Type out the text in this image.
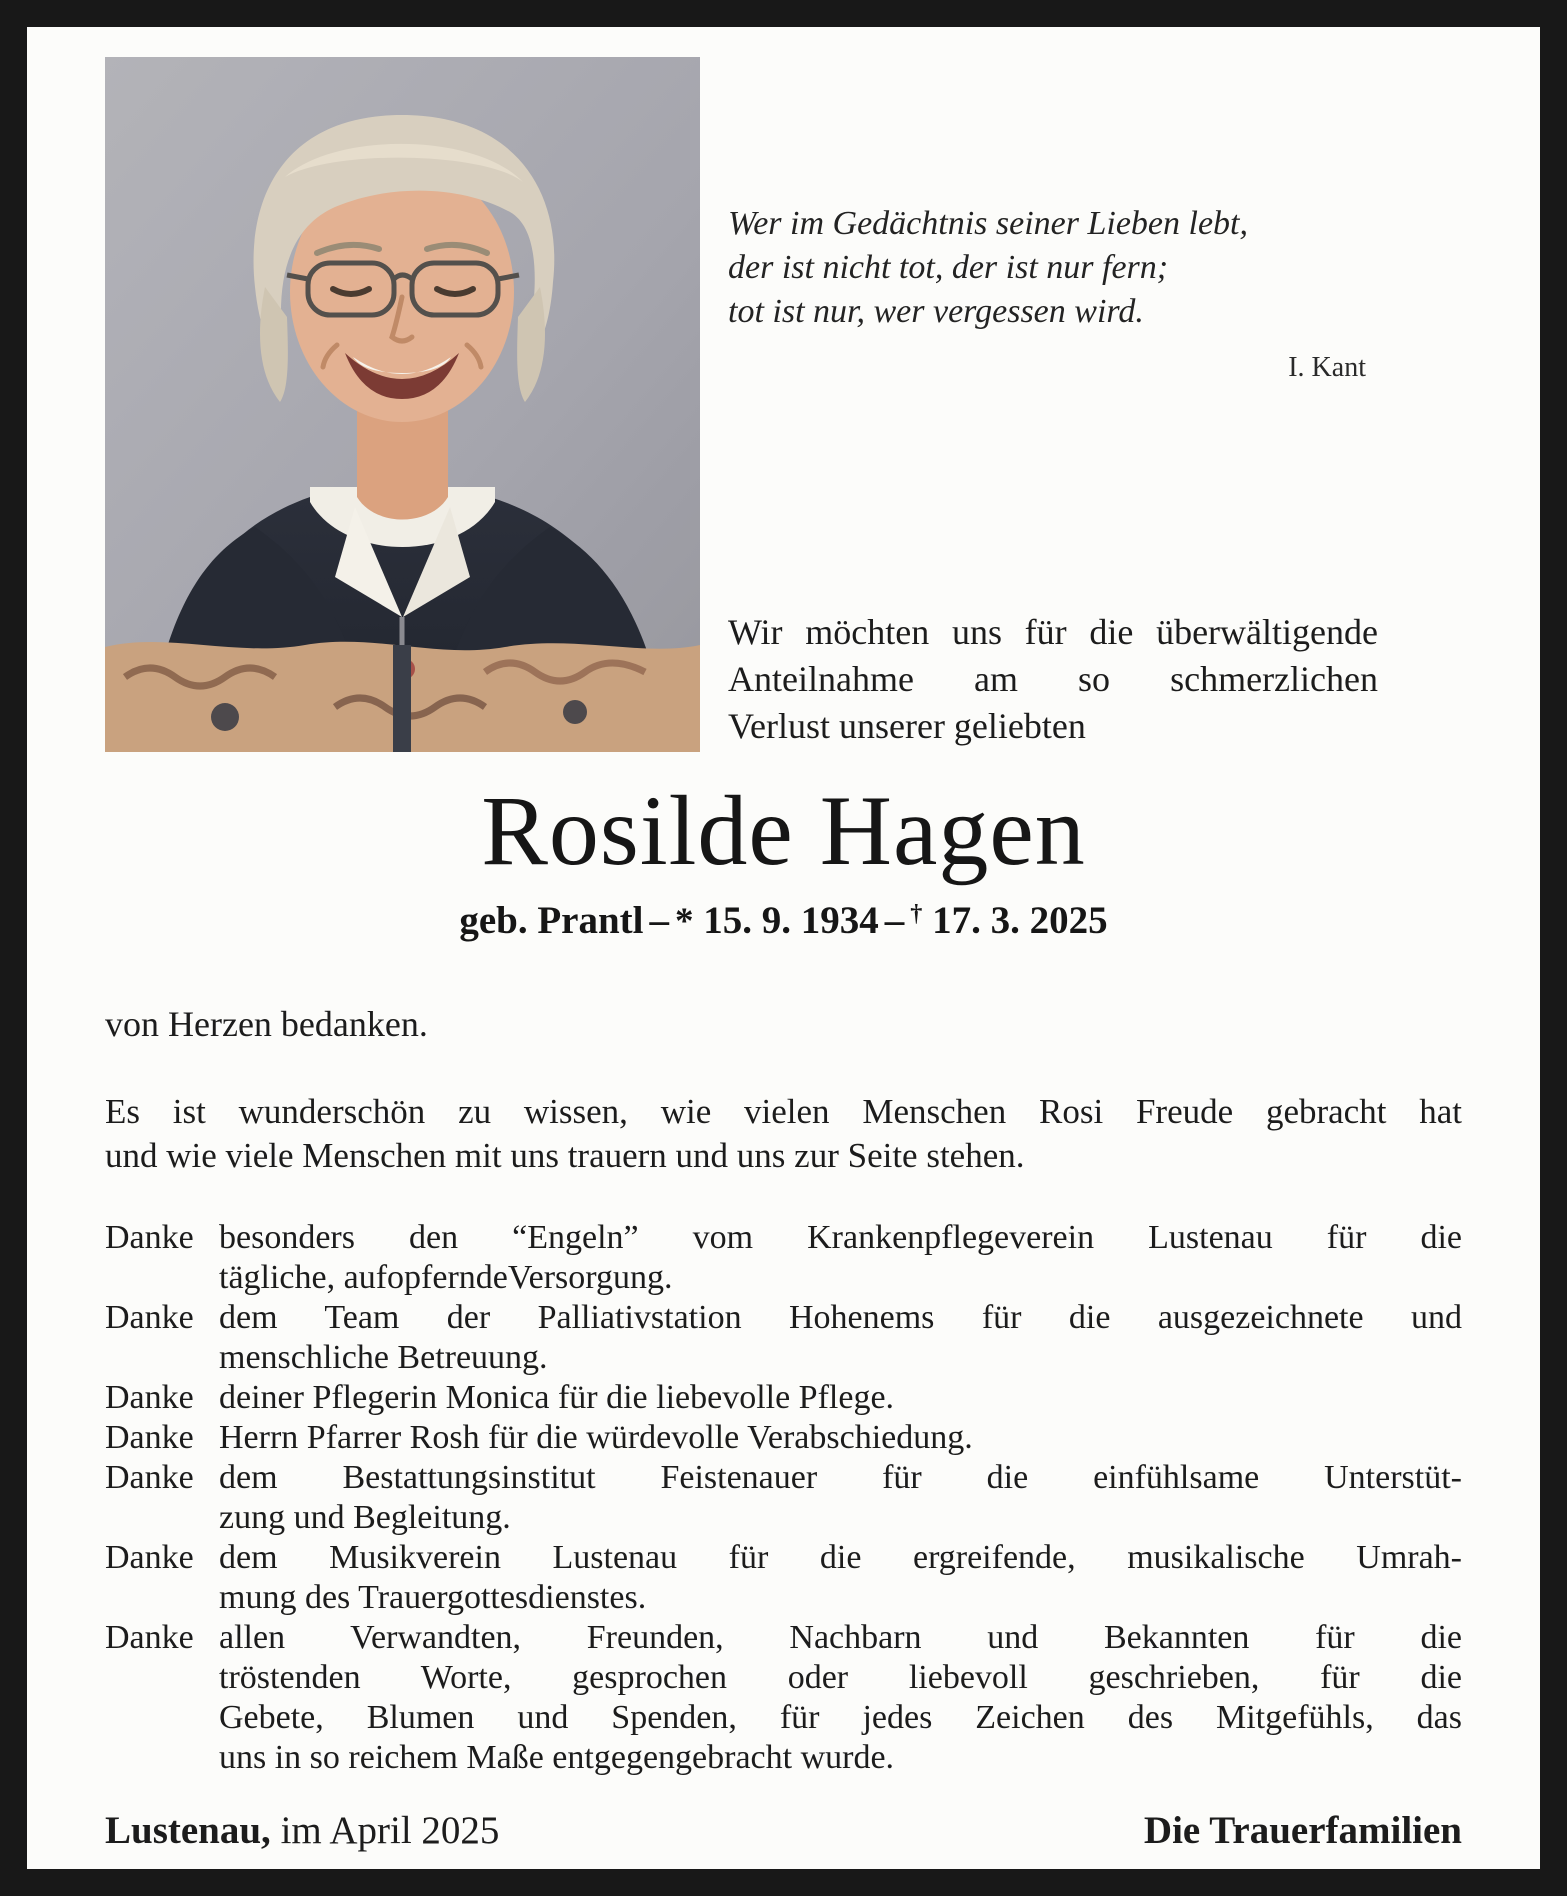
Wer im Gedächtnis seiner Lieben lebt,
der ist nicht tot, der ist nur fern;
tot ist nur, wer vergessen wird.
I. Kant
Wir möchten uns für die überwältigende
Anteilnahme am so schmerzlichen
Verlust unserer geliebten
Rosilde Hagen
geb. Prantl – * 15. 9. 1934 – † 17. 3. 2025
von Herzen bedanken.
Es ist wunderschön zu wissen, wie vielen Menschen Rosi Freude gebracht hat
und wie viele Menschen mit uns trauern und uns zur Seite stehen.
Danke besonders den “Engeln” vom Krankenpflegeverein Lustenau für die
tägliche, aufopferndeVersorgung.
Danke dem Team der Palliativstation Hohenems für die ausgezeichnete und
menschliche Betreuung.
Danke deiner Pflegerin Monica für die liebevolle Pflege.
Danke Herrn Pfarrer Rosh für die würdevolle Verabschiedung.
Danke dem Bestattungsinstitut Feistenauer für die einfühlsame Unterstüt-
zung und Begleitung.
Danke dem Musikverein Lustenau für die ergreifende, musikalische Umrah-
mung des Trauergottesdienstes.
Danke allen Verwandten, Freunden, Nachbarn und Bekannten für die
tröstenden Worte, gesprochen oder liebevoll geschrieben, für die
Gebete, Blumen und Spenden, für jedes Zeichen des Mitgefühls, das
uns in so reichem Maße entgegengebracht wurde.
Lustenau, im April 2025	Die Trauerfamilien
